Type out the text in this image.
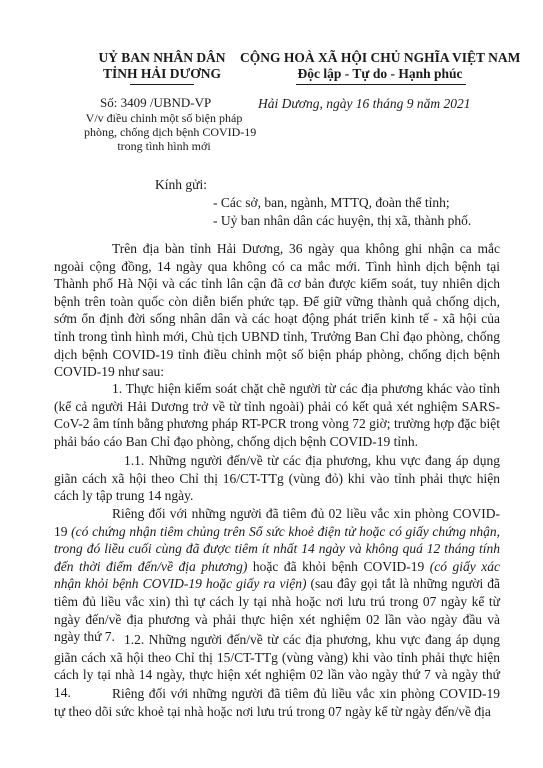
UỶ BAN NHÂN DÂN
TỈNH HẢI DƯƠNG
CỘNG HOÀ XÃ HỘI CHỦ NGHĨA VIỆT NAM
Độc lập - Tự do - Hạnh phúc
Số: 3409 /UBND-VP	Hải Dương, ngày 16 tháng 9 năm 2021
V/v điều chỉnh một số biện pháp
phòng, chống dịch bệnh COVID-19
trong tình hình mới
Kính gửi:
- Các sở, ban, ngành, MTTQ, đoàn thể tỉnh;
- Uỷ ban nhân dân các huyện, thị xã, thành phố.
Trên địa bàn tỉnh Hải Dương, 36 ngày qua không ghi nhận ca mắc ngoài cộng đồng, 14 ngày qua không có ca mắc mới. Tình hình dịch bệnh tại Thành phố Hà Nội và các tỉnh lân cận đã cơ bản được kiểm soát, tuy nhiên dịch bệnh trên toàn quốc còn diễn biến phức tạp. Để giữ vững thành quả chống dịch, sớm ổn định đời sống nhân dân và các hoạt động phát triển kinh tế - xã hội của tỉnh trong tình hình mới, Chủ tịch UBND tỉnh, Trưởng Ban Chỉ đạo phòng, chống dịch bệnh COVID-19 tỉnh điều chỉnh một số biện pháp phòng, chống dịch bệnh COVID-19 như sau:
1. Thực hiện kiểm soát chặt chẽ người từ các địa phương khác vào tỉnh (kể cả người Hải Dương trở về từ tỉnh ngoài) phải có kết quả xét nghiệm SARS-CoV-2 âm tính bằng phương pháp RT-PCR trong vòng 72 giờ; trường hợp đặc biệt phải báo cáo Ban Chỉ đạo phòng, chống dịch bệnh COVID-19 tỉnh.
1.1. Những người đến/về từ các địa phương, khu vực đang áp dụng giãn cách xã hội theo Chỉ thị 16/CT-TTg (vùng đỏ) khi vào tỉnh phải thực hiện cách ly tập trung 14 ngày.
Riêng đối với những người đã tiêm đủ 02 liều vắc xin phòng COVID-19 (có chứng nhận tiêm chủng trên Sổ sức khoẻ điện tử hoặc có giấy chứng nhận, trong đó liều cuối cùng đã được tiêm ít nhất 14 ngày và không quá 12 tháng tính đến thời điểm đến/về địa phương) hoặc đã khỏi bệnh COVID-19 (có giấy xác nhận khỏi bệnh COVID-19 hoặc giấy ra viện) (sau đây gọi tắt là những người đã tiêm đủ liều vắc xin) thì tự cách ly tại nhà hoặc nơi lưu trú trong 07 ngày kể từ ngày đến/về địa phương và phải thực hiện xét nghiệm 02 lần vào ngày đầu và ngày thứ 7. 1.2. Những người đến/về từ các địa phương, khu vực đang áp dụng giãn cách xã hội theo Chỉ thị 15/CT-TTg (vùng vàng) khi vào tỉnh phải thực hiện cách ly tại nhà 14 ngày, thực hiện xét nghiệm 02 lần vào ngày thứ 7 và ngày thứ 14.	Riêng đối với những người đã tiêm đủ liều vắc xin phòng COVID-19 tự theo dõi sức khoẻ tại nhà hoặc nơi lưu trú trong 07 ngày kể từ ngày đến/về địa
